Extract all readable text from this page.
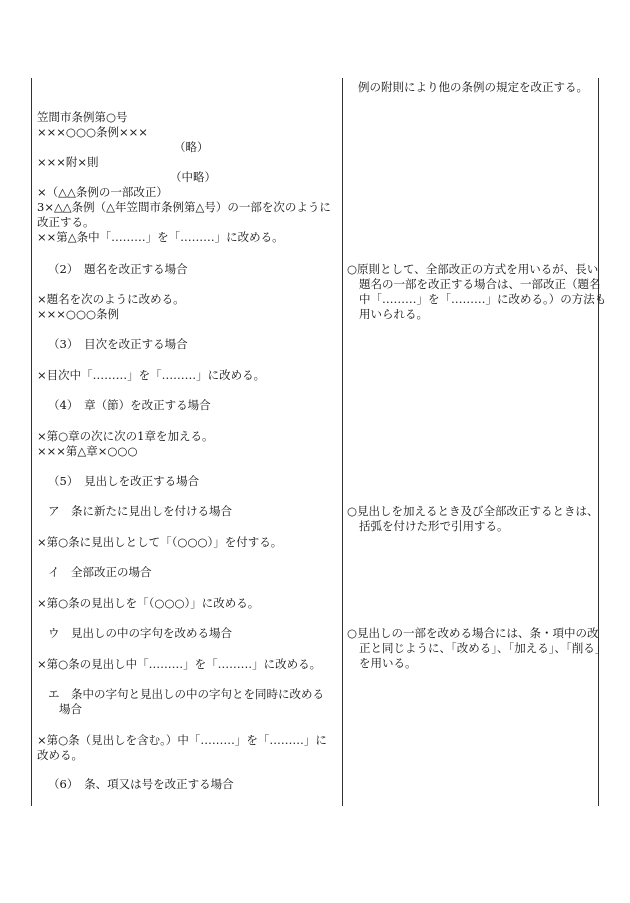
笠間市条例第○号
×××○○○条例×××
（略）
×××附×則
（中略）
×（△△条例の一部改正）
3×△△条例（△年笠間市条例第△号）の一部を次のように
改正する。
××第△条中「………」を「………」に改める。
（2）　題名を改正する場合
×題名を次のように改める。
×××○○○条例
（3）　目次を改正する場合
×目次中「………」を「………」に改める。
（4）　章（節）を改正する場合
×第○章の次に次の1章を加える。
×××第△章×○○○
（5）　見出しを改正する場合
ア　条に新たに見出しを付ける場合
×第○条に見出しとして「（○○○）」を付する。
イ　全部改正の場合
×第○条の見出しを「（○○○）」に改める。
ウ　見出しの中の字句を改める場合
×第○条の見出し中「………」を「………」に改める。
エ　条中の字句と見出しの中の字句とを同時に改める
場合
×第○条（見出しを含む。）中「………」を「………」に
改める。
（6）　条、項又は号を改正する場合
例の附則により他の条例の規定を改正する。
○原則として、全部改正の方式を用いるが、長い題名の一部を改正する場合は、一部改正（題名中「………」を「………」に改める。）の方法も用いられる。
○見出しを加えるとき及び全部改正するときは、括弧を付けた形で引用する。
○見出しの一部を改める場合には、条・項中の改正と同じように、「改める」、「加える」、「削る」を用いる。
